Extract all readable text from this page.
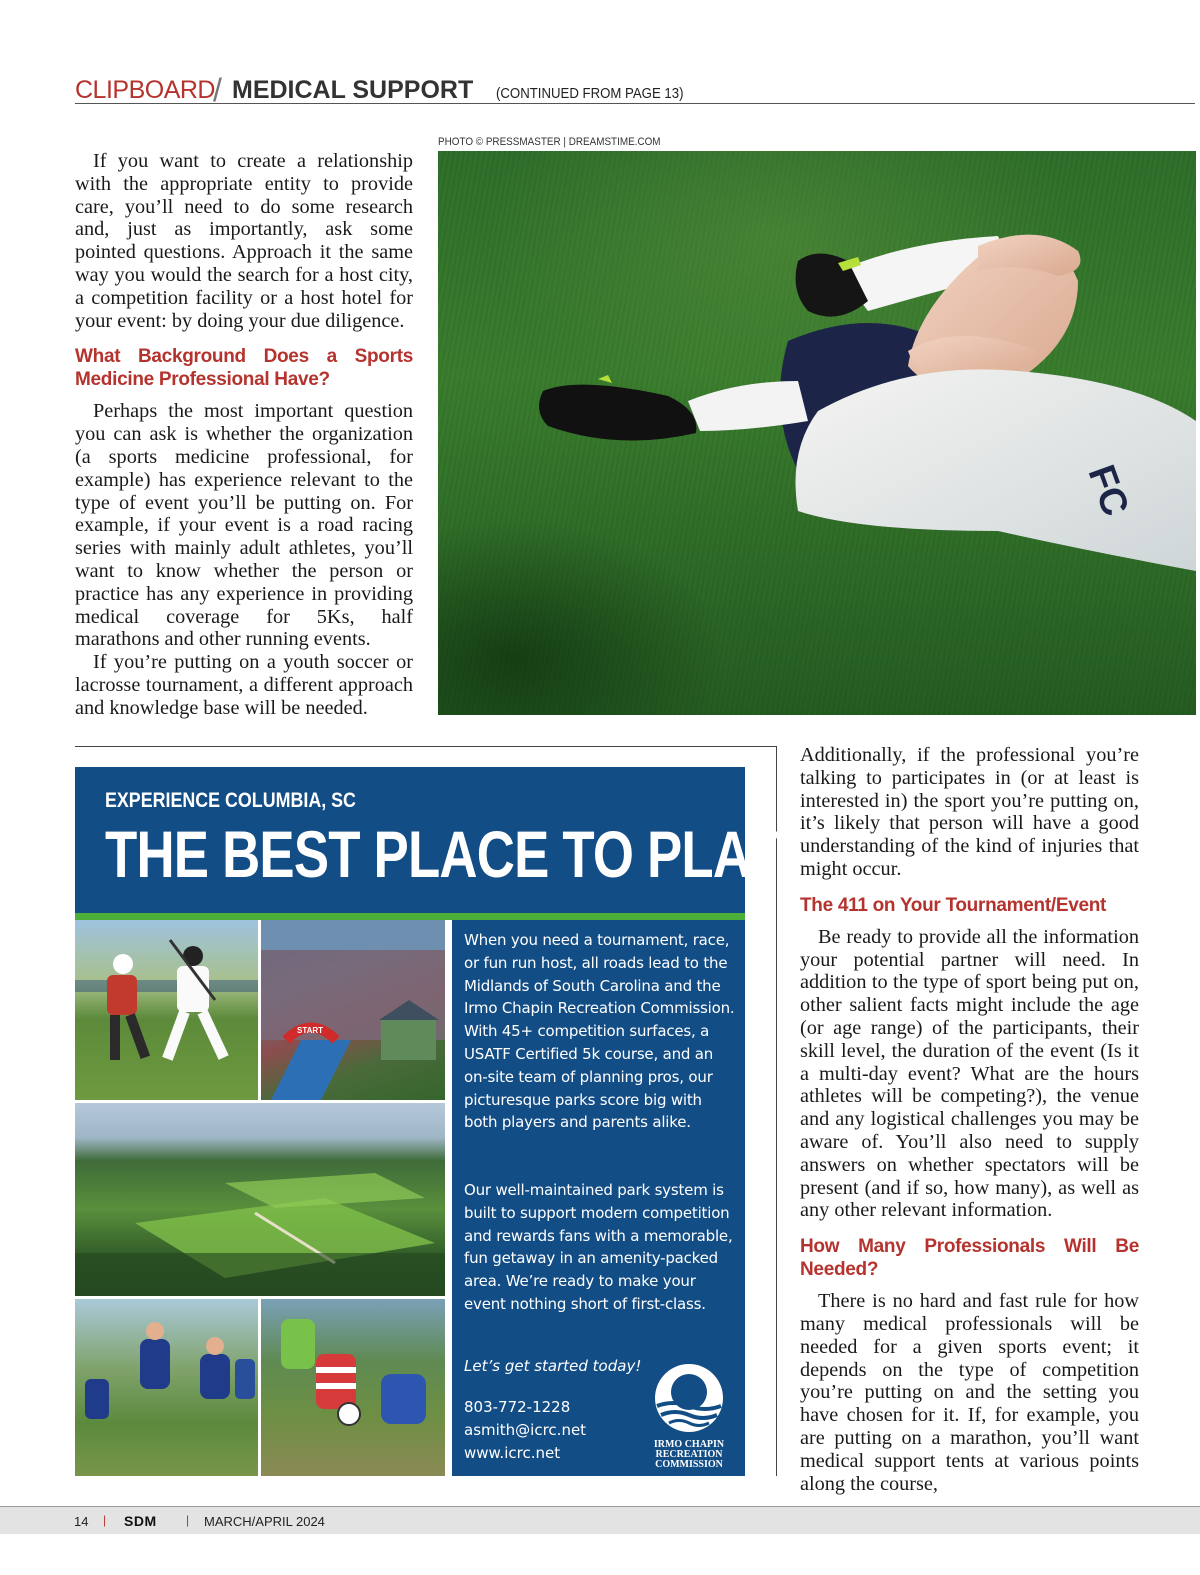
CLIPBOARD
/ MEDICAL SUPPORT (CONTINUED FROM PAGE 13)

If you want to create a relationship with the appropriate entity to provide care, you’ll need to do some research and, just as importantly, ask some pointed questions. Approach it the same way you would the search for a host city, a competition facility or a host hotel for your event: by doing your due diligence.

What Background Does a Sports Medicine Professional Have?

Perhaps the most important question you can ask is whether the organization (a sports medicine professional, for example) has experience relevant to the type of event you’ll be putting on. For example, if your event is a road racing series with mainly adult athletes, you’ll want to know whether the person or practice has any experience in providing medical coverage for 5Ks, half marathons and other running events.

If you’re putting on a youth soccer or lacrosse tournament, a different approach and knowledge base will be needed.

PHOTO © PRESSMASTER | DREAMSTIME.COM
FC
EXPERIENCE COLUMBIA, SC
THE BEST PLACE TO PLAY!
START
When you need a tournament, race, or fun run host, all roads lead to the Midlands of South Carolina and the Irmo Chapin Recreation Commission. With 45+ competition surfaces, a USATF Certified 5k course, and an on-site team of planning pros, our picturesque parks score big with both players and parents alike.
Our well-maintained park system is built to support modern competition and rewards fans with a memorable, fun getaway in an amenity-packed area. We’re ready to make your event nothing short of first-class.
Let’s get started today!
803-772-1228
asmith@icrc.net
www.icrc.net	IRMO CHAPIN
RECREATION
COMMISSION

Additionally, if the professional you’re talking to participates in (or at least is interested in) the sport you’re putting on, it’s likely that person will have a good understanding of the kind of injuries that might occur.

The 411 on Your Tournament/Event

Be ready to provide all the information your potential partner will need. In addition to the type of sport being put on, other salient facts might include the age (or age range) of the participants, their skill level, the duration of the event (Is it a multi-day event? What are the hours athletes will be competing?), the venue and any logistical challenges you may be aware of. You’ll also need to supply answers on whether spectators will be present (and if so, how many), as well as any other relevant information.

How Many Professionals Will Be Needed?

There is no hard and fast rule for how many medical professionals will be needed for a given sports event; it depends on the type of competition you’re putting on and the setting you have chosen for it. If, for example, you are putting on a marathon, you’ll want medical support tents at various points along the course,

14 | SDM | MARCH/APRIL 2024
